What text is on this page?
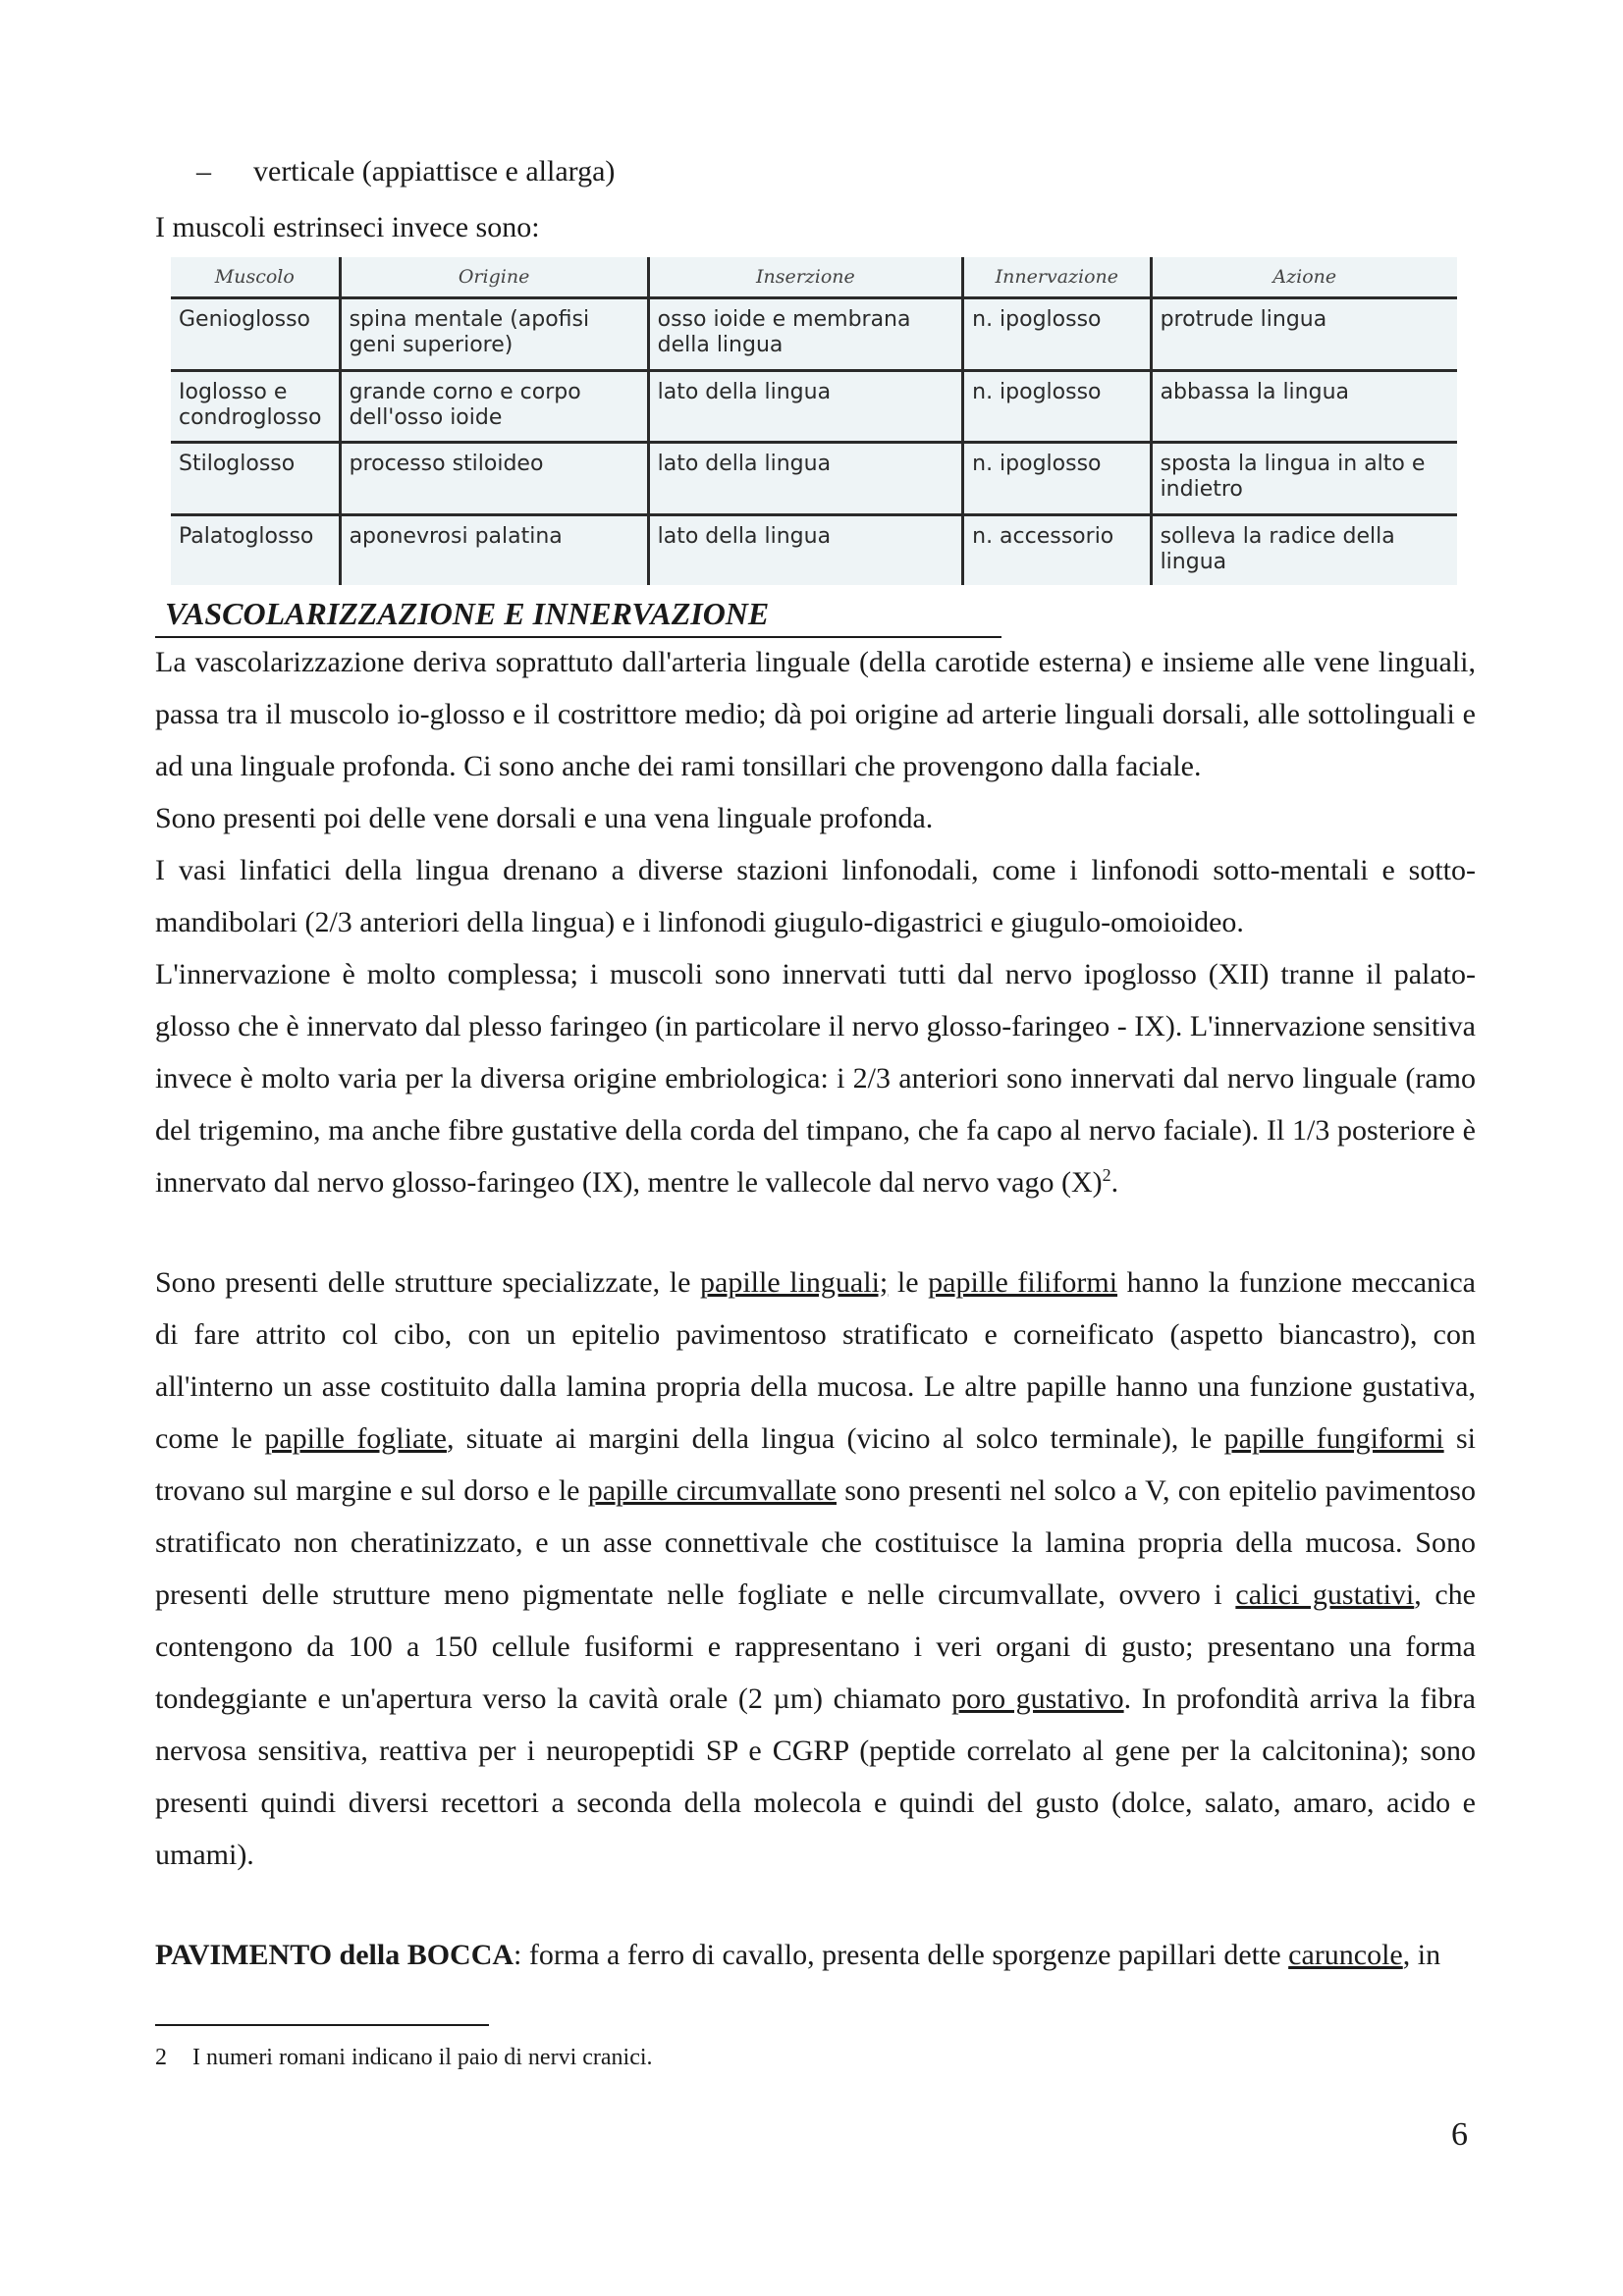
– verticale (appiattisce e allarga)
I muscoli estrinseci invece sono:
Muscolo	Origine	Inserzione	Innervazione	Azione
Genioglosso	spina mentale (apofisi geni superiore)	osso ioide e membrana della lingua	n. ipoglosso	protrude lingua
Ioglosso e condroglosso	grande corno e corpo dell'osso ioide	lato della lingua	n. ipoglosso	abbassa la lingua
Stiloglosso	processo stiloideo	lato della lingua	n. ipoglosso	sposta la lingua in alto e indietro
Palatoglosso	aponevrosi palatina	lato della lingua	n. accessorio	solleva la radice della lingua
VASCOLARIZZAZIONE E INNERVAZIONE
La vascolarizzazione deriva soprattuto dall'arteria linguale (della carotide esterna) e insieme alle vene linguali, passa tra il muscolo io-glosso e il costrittore medio; dà poi origine ad arterie linguali dorsali, alle sottolinguali e ad una linguale profonda. Ci sono anche dei rami tonsillari che provengono dalla faciale.
Sono presenti poi delle vene dorsali e una vena linguale profonda.
I vasi linfatici della lingua drenano a diverse stazioni linfonodali, come i linfonodi sotto-mentali e sotto-mandibolari (2/3 anteriori della lingua) e i linfonodi giugulo-digastrici e giugulo-omoioideo.
L'innervazione è molto complessa; i muscoli sono innervati tutti dal nervo ipoglosso (XII) tranne il palato-glosso che è innervato dal plesso faringeo (in particolare il nervo glosso-faringeo - IX). L'innervazione sensitiva invece è molto varia per la diversa origine embriologica: i 2/3 anteriori sono innervati dal nervo linguale (ramo del trigemino, ma anche fibre gustative della corda del timpano, che fa capo al nervo faciale). Il 1/3 posteriore è innervato dal nervo glosso-faringeo (IX), mentre le vallecole dal nervo vago $(X)^2$.
Sono presenti delle strutture specializzate, le papille linguali; le papille filiformi hanno la funzione meccanica di fare attrito col cibo, con un epitelio pavimentoso stratificato e corneificato (aspetto biancastro), con all'interno un asse costituito dalla lamina propria della mucosa. Le altre papille hanno una funzione gustativa, come le papille fogliate, situate ai margini della lingua (vicino al solco terminale), le papille fungiformi si trovano sul margine e sul dorso e le papille circumvallate sono presenti nel solco a V, con epitelio pavimentoso stratificato non cheratinizzato, e un asse connettivale che costituisce la lamina propria della mucosa. Sono presenti delle strutture meno pigmentate nelle fogliate e nelle circumvallate, ovvero i calici gustativi, che contengono da 100 a 150 cellule fusiformi e rappresentano i veri organi di gusto; presentano una forma tondeggiante e un'apertura verso la cavità orale (2 µm) chiamato poro gustativo. In profondità arriva la fibra nervosa sensitiva, reattiva per i neuropeptidi SP e CGRP (peptide correlato al gene per la calcitonina); sono presenti quindi diversi recettori a seconda della molecola e quindi del gusto (dolce, salato, amaro, acido e umami).
PAVIMENTO della BOCCA: forma a ferro di cavallo, presenta delle sporgenze papillari dette caruncole, in
2 I numeri romani indicano il paio di nervi cranici.
6
